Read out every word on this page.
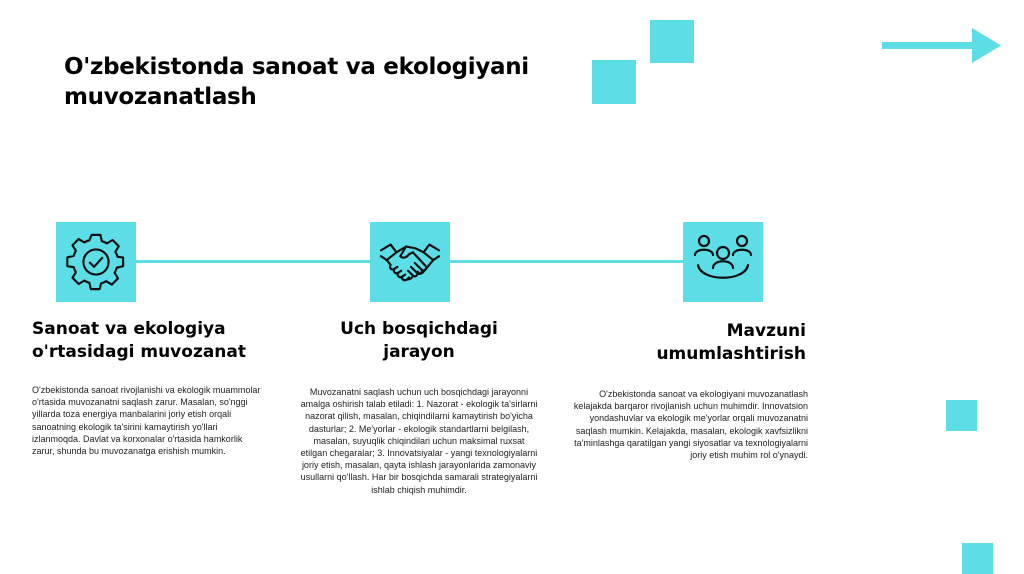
O'zbekistonda sanoat va ekologiyani muvozanatlash
Sanoat va ekologiya o'rtasidagi muvozanat
O'zbekistonda sanoat rivojlanishi va ekologik muammolar o'rtasida muvozanatni saqlash zarur. Masalan, so'nggi yillarda toza energiya manbalarini joriy etish orqali sanoatning ekologik ta'sirini kamaytirish yo'llari izlanmoqda. Davlat va korxonalar o'rtasida hamkorlik zarur, shunda bu muvozanatga erishish mumkin.
Uch bosqichdagi jarayon
Muvozanatni saqlash uchun uch bosqichdagi jarayonni amalga oshirish talab etiladi: 1. Nazorat - ekologik ta'sirlarni nazorat qilish, masalan, chiqindilarni kamaytirish bo'yicha dasturlar; 2. Me'yorlar - ekologik standartlarni belgilash, masalan, suyuqlik chiqindilari uchun maksimal ruxsat etilgan chegaralar; 3. Innovatsiyalar - yangi texnologiyalarni joriy etish, masalan, qayta ishlash jarayonlarida zamonaviy usullarni qo'llash. Har bir bosqichda samarali strategiyalarni ishlab chiqish muhimdir.
Mavzuni umumlashtirish
O'zbekistonda sanoat va ekologiyani muvozanatlash kelajakda barqaror rivojlanish uchun muhimdir. Innovatsion yondashuvlar va ekologik me'yorlar orqali muvozanatni saqlash mumkin. Kelajakda, masalan, ekologik xavfsizlikni ta'minlashga qaratilgan yangi siyosatlar va texnologiyalarni joriy etish muhim rol o'ynaydi.
